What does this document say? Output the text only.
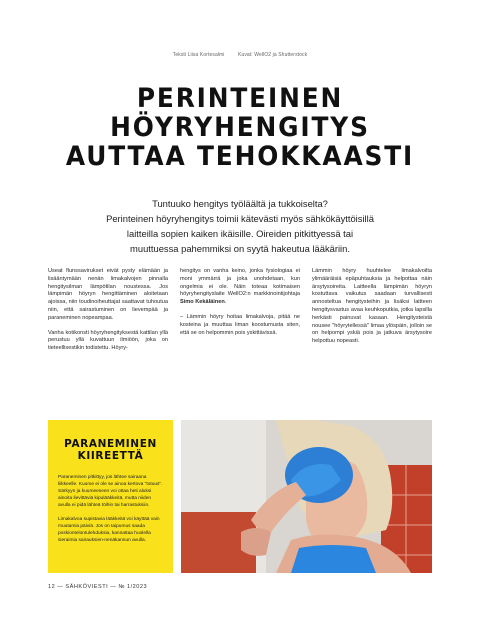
Teksti Liisa Kortesalmi	Kuvat: WellO2 ja Shutterstock
PERINTEINEN
HÖYRYHENGITYS
AUTTAA TEHOKKAASTI
Tuntuuko hengitys työläältä ja tukkoiselta?
Perinteinen höyryhengitys toimii kätevästi myös sähkökäyttöisillä
laitteilla sopien kaiken ikäisille. Oireiden pitkittyessä tai
muuttuessa pahemmiksi on syytä hakeutua lääkäriin.

Useat flunssavirukset eivät pysty elämään ja lisääntymään nenän limakalvojen pinnalla hengitysilman lämpötilan noustessa. Jos lämpimän höyryn hengittäminen aloitetaan ajoissa, niin toudinoiheuttajat saattavat tuhoutua niin, että sairastuminen on lievempää ja paraneminen nopeampaa.

Vanha kotikonsti höyryhengityksestä kattilan yllä perustuu yllä kuvattuun ilmiöön, joka on tieteellisestikin todistettu. Höyry-

hengitys on vanha keino, jonka fysiologiaa ei moni ymmärrä ja joka unohdetaan, kun ongelmia ei ole. Näin toteaa kotimaisen höyryhengityslaite WellO2:n markkinointijohtaja Simo Kekäläinen.

– Lämmin höyry hoitaa limakalvoja, pitää ne kosteina ja muuttaa liman koostumusta siten, että se on helpommin pois yskittävissä.

Lämmin höyry huuhtelee limakalvoilta ylimääräisiä epäpuhtauksia ja helpottaa näin ärsytysoireita. Laitteella lämpimän höyryn kostuttava vaikutus saadaan turvallisesti annosteltua hengitysteihin ja lisäksi laitteen hengitysvastus avaa keuhkoputkia, jotka lapsilla herkästi painuvat kasaan. Hengitysteistä nousee "höyrytellessä" limaa ylöspäin, jolloin se on helpompi yskiä pois ja jatkuva ärsytysoire helpottuu nopeasti.

PARANEMINEN
KIIREETTÄ

Paraneminen pitkittyy, jos lähtee sairaana liikkeelle. Kuume ei ole se ainoa kertova "totuus". Särkyyn ja kuumeeseen voi ottaa heti aluksi ainoita lievittäviä kipulääkkeitä, mutta niiden avulla ei pidä lähteä töihin tai harrastuksiin.

Limakalvoa supistavia lääkkeitä voi käyttää vain muutamia päiviä. Jos on taipumus saada poskiontelontulehduksia, kannattaa huolella sieraimia sairauksien-nenäkannun avulla.

12 — SÄHKÖVIESTI — № 1/2023
